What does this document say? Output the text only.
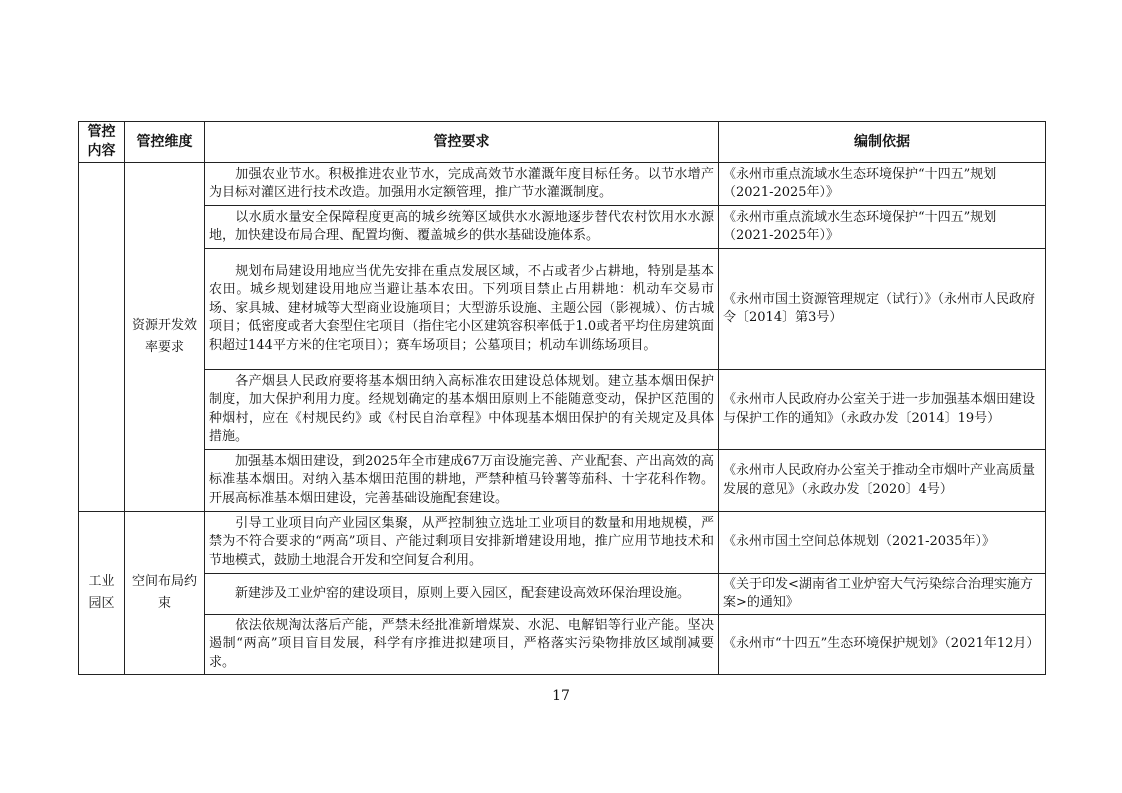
管控内容	管控维度	管控要求	编制依据
	资源开发效率要求	加强农业节水。积极推进农业节水，完成高效节水灌溉年度目标任务。以节水增产为目标对灌区进行技术改造。加强用水定额管理，推广节水灌溉制度。	《永州市重点流域水生态环境保护“十四五”规划（2021-2025年）》
		以水质水量安全保障程度更高的城乡统筹区域供水水源地逐步替代农村饮用水水源地，加快建设布局合理、配置均衡、覆盖城乡的供水基础设施体系。	《永州市重点流域水生态环境保护“十四五”规划（2021-2025年）》
		规划布局建设用地应当优先安排在重点发展区域，不占或者少占耕地，特别是基本农田。城乡规划建设用地应当避让基本农田。下列项目禁止占用耕地：机动车交易市场、家具城、建材城等大型商业设施项目；大型游乐设施、主题公园（影视城）、仿古城项目；低密度或者大套型住宅项目（指住宅小区建筑容积率低于1.0或者平均住房建筑面积超过144平方米的住宅项目）；赛车场项目；公墓项目；机动车训练场项目。	《永州市国土资源管理规定（试行）》（永州市人民政府令〔2014〕第3号）
		各产烟县人民政府要将基本烟田纳入高标准农田建设总体规划。建立基本烟田保护制度，加大保护利用力度。经规划确定的基本烟田原则上不能随意变动，保护区范围的种烟村，应在《村规民约》或《村民自治章程》中体现基本烟田保护的有关规定及具体措施。	《永州市人民政府办公室关于进一步加强基本烟田建设与保护工作的通知》（永政办发〔2014〕19号）
		加强基本烟田建设，到2025年全市建成67万亩设施完善、产业配套、产出高效的高标准基本烟田。对纳入基本烟田范围的耕地，严禁种植马铃薯等茄科、十字花科作物。开展高标准基本烟田建设，完善基础设施配套建设。	《永州市人民政府办公室关于推动全市烟叶产业高质量发展的意见》（永政办发〔2020〕4号）
工业园区	空间布局约束	引导工业项目向产业园区集聚，从严控制独立选址工业项目的数量和用地规模，严禁为不符合要求的“两高”项目、产能过剩项目安排新增建设用地，推广应用节地技术和节地模式，鼓励土地混合开发和空间复合利用。	《永州市国土空间总体规划（2021-2035年）》
		新建涉及工业炉窑的建设项目，原则上要入园区，配套建设高效环保治理设施。	《关于印发<湖南省工业炉窑大气污染综合治理实施方案>的通知》
		依法依规淘汰落后产能，严禁未经批准新增煤炭、水泥、电解铝等行业产能。坚决遏制“两高”项目盲目发展，科学有序推进拟建项目，严格落实污染物排放区域削减要求。	《永州市“十四五”生态环境保护规划》（2021年12月）
17
